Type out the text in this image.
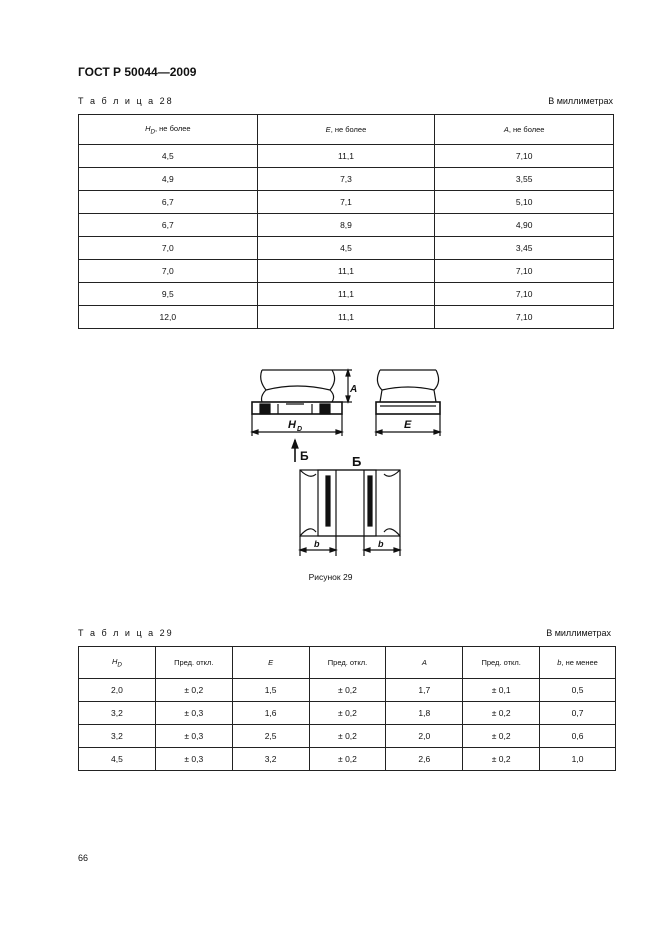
ГОСТ Р 50044—2009
Т а б л и ц а 28	В миллиметрах
$H_D$, не более	E, не более	A, не более
4,5	11,1	7,10
4,9	7,3	3,55
6,7	7,1	5,10
6,7	8,9	4,90
7,0	4,5	3,45
7,0	11,1	7,10
9,5	11,1	7,10
12,0	11,1	7,10
A
H D	E
Б	Б
b	b
Рисунок 29
Т а б л и ц а 29	В миллиметрах
$H_D$	Пред. откл.	E	Пред. откл.	A	Пред. откл.	b, не менее
2,0	± 0,2	1,5	± 0,2	1,7	± 0,1	0,5
3,2	± 0,3	1,6	± 0,2	1,8	± 0,2	0,7
3,2	± 0,3	2,5	± 0,2	2,0	± 0,2	0,6
4,5	± 0,3	3,2	± 0,2	2,6	± 0,2	1,0
66
